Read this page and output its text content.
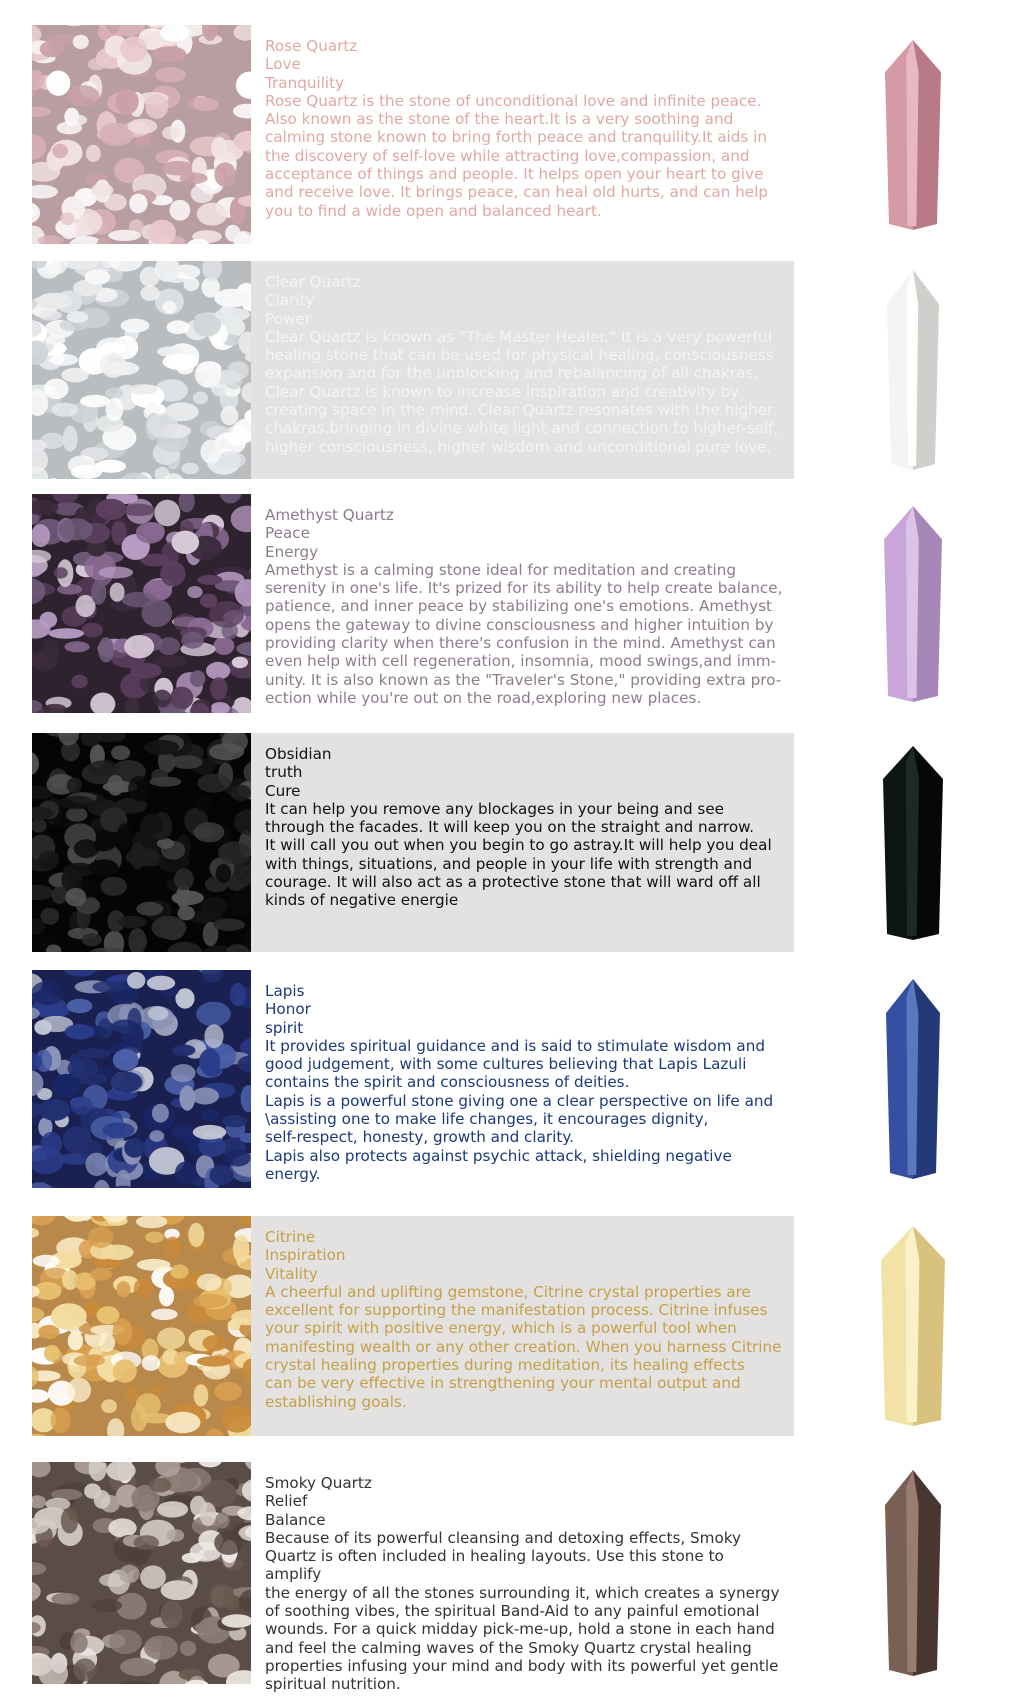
Rose Quartz
Love
Tranquility
Rose Quartz is the stone of unconditional love and infinite peace.
Also known as the stone of the heart.It is a very soothing and
calming stone known to bring forth peace and tranquility.It aids in
the discovery of self-love while attracting love,compassion, and
acceptance of things and people. It helps open your heart to give
and receive love. It brings peace, can heal old hurts, and can help
you to find a wide open and balanced heart.
Clear Quartz
Clarity
Power
Clear Quartz is known as "The Master Healer." It is a very powerful
healing stone that can be used for physical healing, consciousness
expansion and for the unblocking and rebalancing of all chakras.
Clear Quartz is known to increase inspiration and creativity by
creating space in the mind. Clear Quartz resonates with the higher
chakras,bringing in divine white light and connection to higher-self,
higher consciousness, higher wisdom and unconditional pure love.
Amethyst Quartz
Peace
Energy
Amethyst is a calming stone ideal for meditation and creating
serenity in one's life. It's prized for its ability to help create balance,
patience, and inner peace by stabilizing one's emotions. Amethyst
opens the gateway to divine consciousness and higher intuition by
providing clarity when there's confusion in the mind. Amethyst can
even help with cell regeneration, insomnia, mood swings,and imm-
unity. It is also known as the "Traveler's Stone," providing extra pro-
ection while you're out on the road,exploring new places.
Obsidian
truth
Cure
It can help you remove any blockages in your being and see
through the facades. It will keep you on the straight and narrow.
It will call you out when you begin to go astray.It will help you deal
with things, situations, and people in your life with strength and
courage. It will also act as a protective stone that will ward off all
kinds of negative energie
Lapis
Honor
spirit
It provides spiritual guidance and is said to stimulate wisdom and
good judgement, with some cultures believing that Lapis Lazuli
contains the spirit and consciousness of deities.
Lapis is a powerful stone giving one a clear perspective on life and
\assisting one to make life changes, it encourages dignity,
self-respect, honesty, growth and clarity.
Lapis also protects against psychic attack, shielding negative
energy.
Citrine
Inspiration
Vitality
A cheerful and uplifting gemstone, Citrine crystal properties are
excellent for supporting the manifestation process. Citrine infuses
your spirit with positive energy, which is a powerful tool when
manifesting wealth or any other creation. When you harness Citrine
crystal healing properties during meditation, its healing effects
can be very effective in strengthening your mental output and
establishing goals.
Smoky Quartz
Relief
Balance
Because of its powerful cleansing and detoxing effects, Smoky
Quartz is often included in healing layouts. Use this stone to amplify
the energy of all the stones surrounding it, which creates a synergy
of soothing vibes, the spiritual Band-Aid to any painful emotional
wounds. For a quick midday pick-me-up, hold a stone in each hand
and feel the calming waves of the Smoky Quartz crystal healing
properties infusing your mind and body with its powerful yet gentle
spiritual nutrition.
